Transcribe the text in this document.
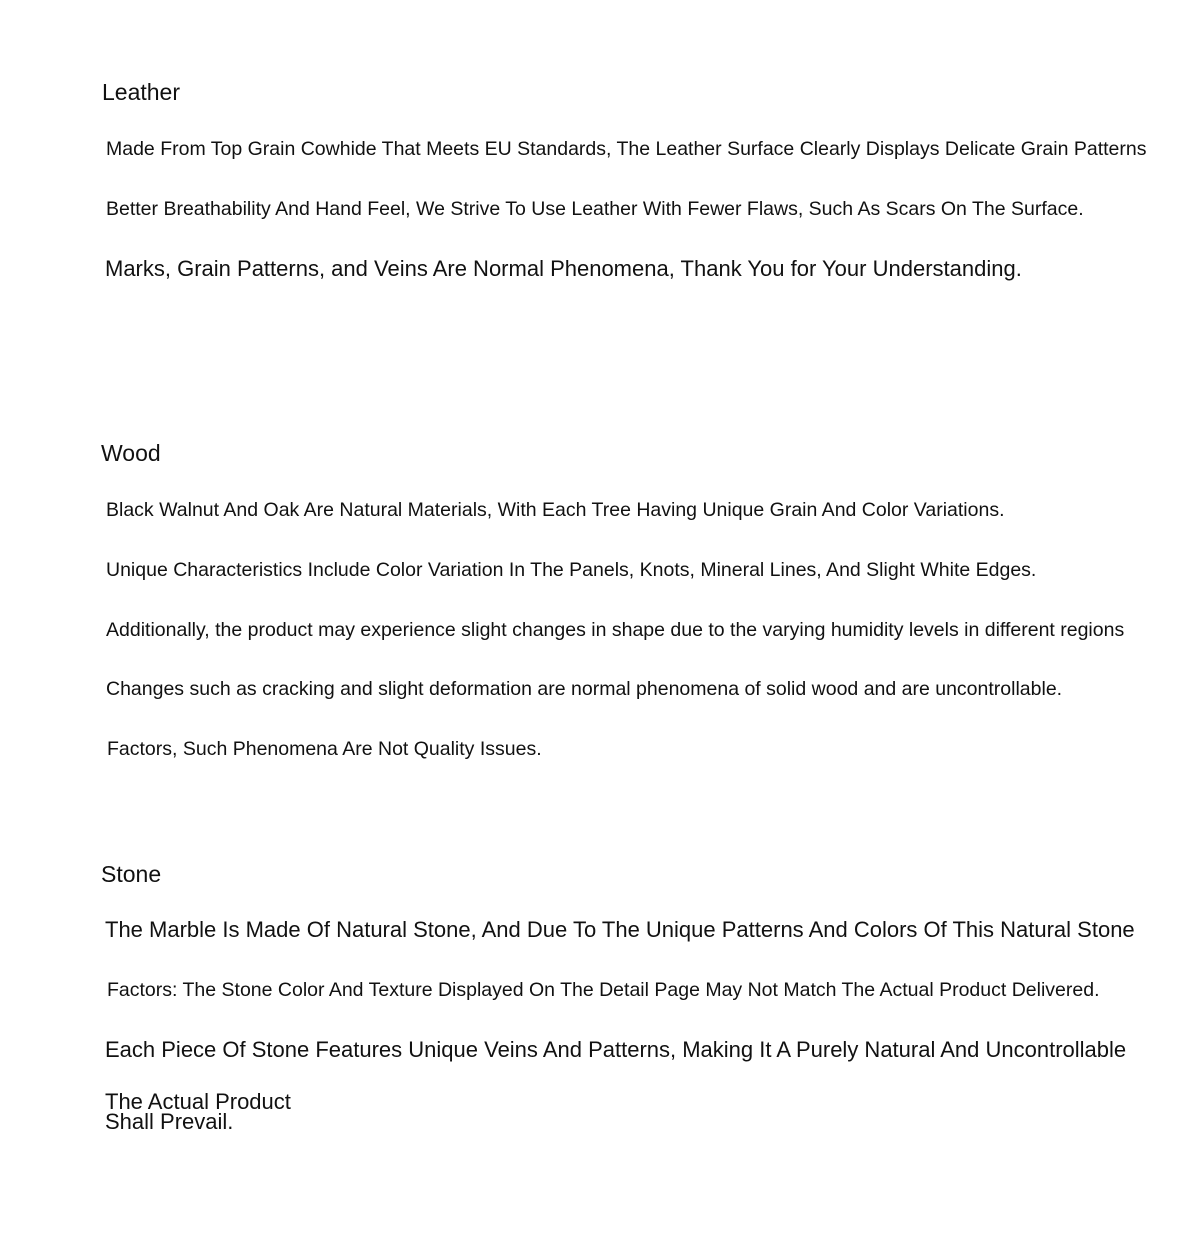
Leather

Made From Top Grain Cowhide That Meets EU Standards, The Leather Surface Clearly Displays Delicate Grain Patterns

Better Breathability And Hand Feel, We Strive To Use Leather With Fewer Flaws, Such As Scars On The Surface.

Marks, Grain Patterns, and Veins Are Normal Phenomena, Thank You for Your Understanding.

Wood

Black Walnut And Oak Are Natural Materials, With Each Tree Having Unique Grain And Color Variations.

Unique Characteristics Include Color Variation In The Panels, Knots, Mineral Lines, And Slight White Edges.

Additionally, the product may experience slight changes in shape due to the varying humidity levels in different regions

Changes such as cracking and slight deformation are normal phenomena of solid wood and are uncontrollable.

Factors, Such Phenomena Are Not Quality Issues.

Stone

The Marble Is Made Of Natural Stone, And Due To The Unique Patterns And Colors Of This Natural Stone

Factors: The Stone Color And Texture Displayed On The Detail Page May Not Match The Actual Product Delivered.

Each Piece Of Stone Features Unique Veins And Patterns, Making It A Purely Natural And Uncontrollable

The Actual Product

Shall Prevail.
